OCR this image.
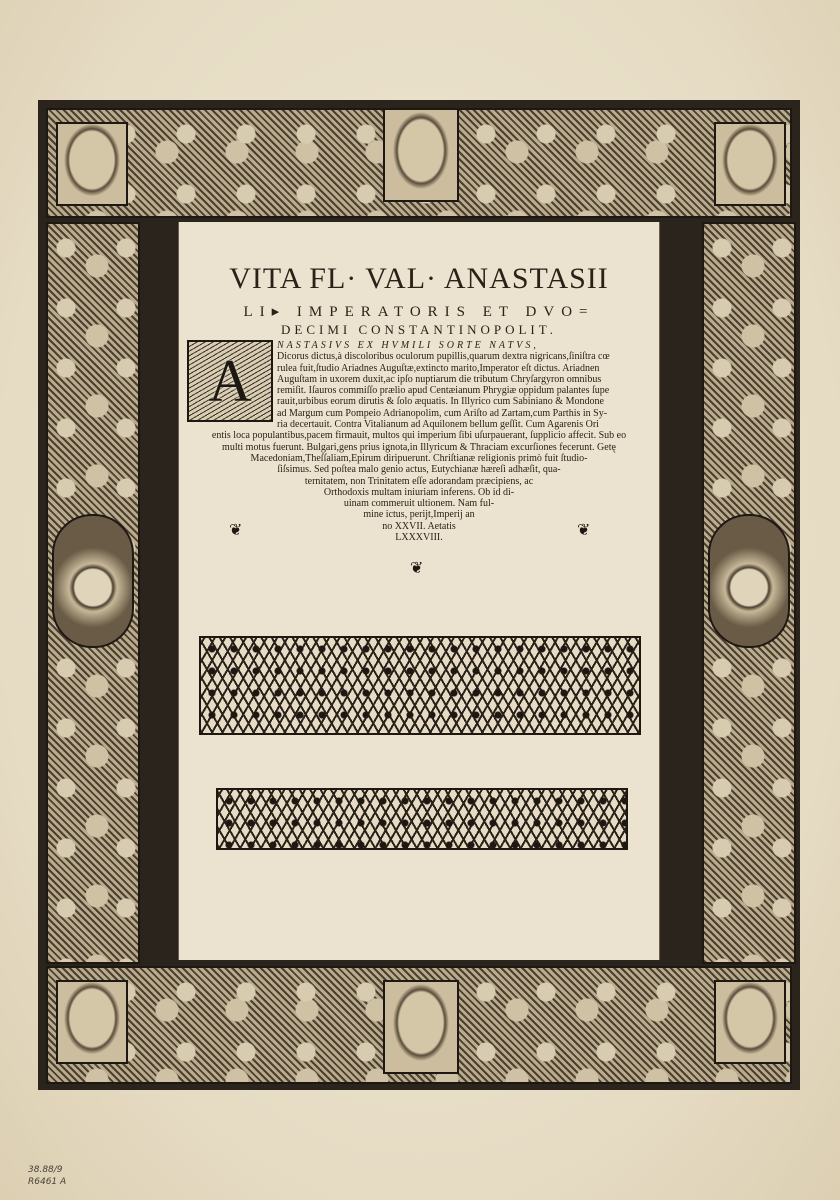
VITA FL· VAL· ANASTASII
LI▸ IMPERATORIS ET DVO=
DECIMI CONSTANTINOPOLIT.
A
NASTASIVS EX HVMILI SORTE NATVS,
Dicorus dictus,à discoloribus oculorum pupillis,quarum dextra nigricans,ſiniſtra cœ
rulea fuit,ſtudio Ariadnes Auguſtæ,extincto marito,Imperator eſt dictus. Ariadnen
Auguſtam in uxorem duxit,ac ipſo nuptiarum die tributum Chryſargyron omnibus
remiſit. Iſauros commiſſo prælio apud Centæianum Phrygiæ oppidum palantes ſupe
rauit,urbibus eorum dirutis & ſolo æquatis. In Illyrico cum Sabiniano & Mondone
ad Margum cum Pompeio Adrianopolim, cum Ariſto ad Zartam,cum Parthis in Sy-
ria decertauit. Contra Vitalianum ad Aquilonem bellum geſſit. Cum Agarenis Ori
entis loca populantibus,pacem firmauit, multos qui imperium ſibi uſurpauerant, ſupplicio affecit. Sub eo
multi motus fuerunt. Bulgari,gens prius ignota,in Illyricum & Thraciam excurſiones fecerunt. Getę
Macedoniam,Theſſaliam,Epirum diripuerunt. Chriſtianæ religionis primò fuit ſtudio-
ſiſsimus. Sed poſtea malo genio actus, Eutychianæ hæreſi adhæſit, qua-
ternitatem, non Trinitatem eſſe adorandam præcipiens, ac
Orthodoxis multam iniuriam inferens. Ob id di-
uinam commeruit ultionem. Nam ful-
mine ictus, perijt,Imperij an
no XXVII. Aetatis
LXXXVIII.
❦	❦
❦
38.88/9
R6461 A
